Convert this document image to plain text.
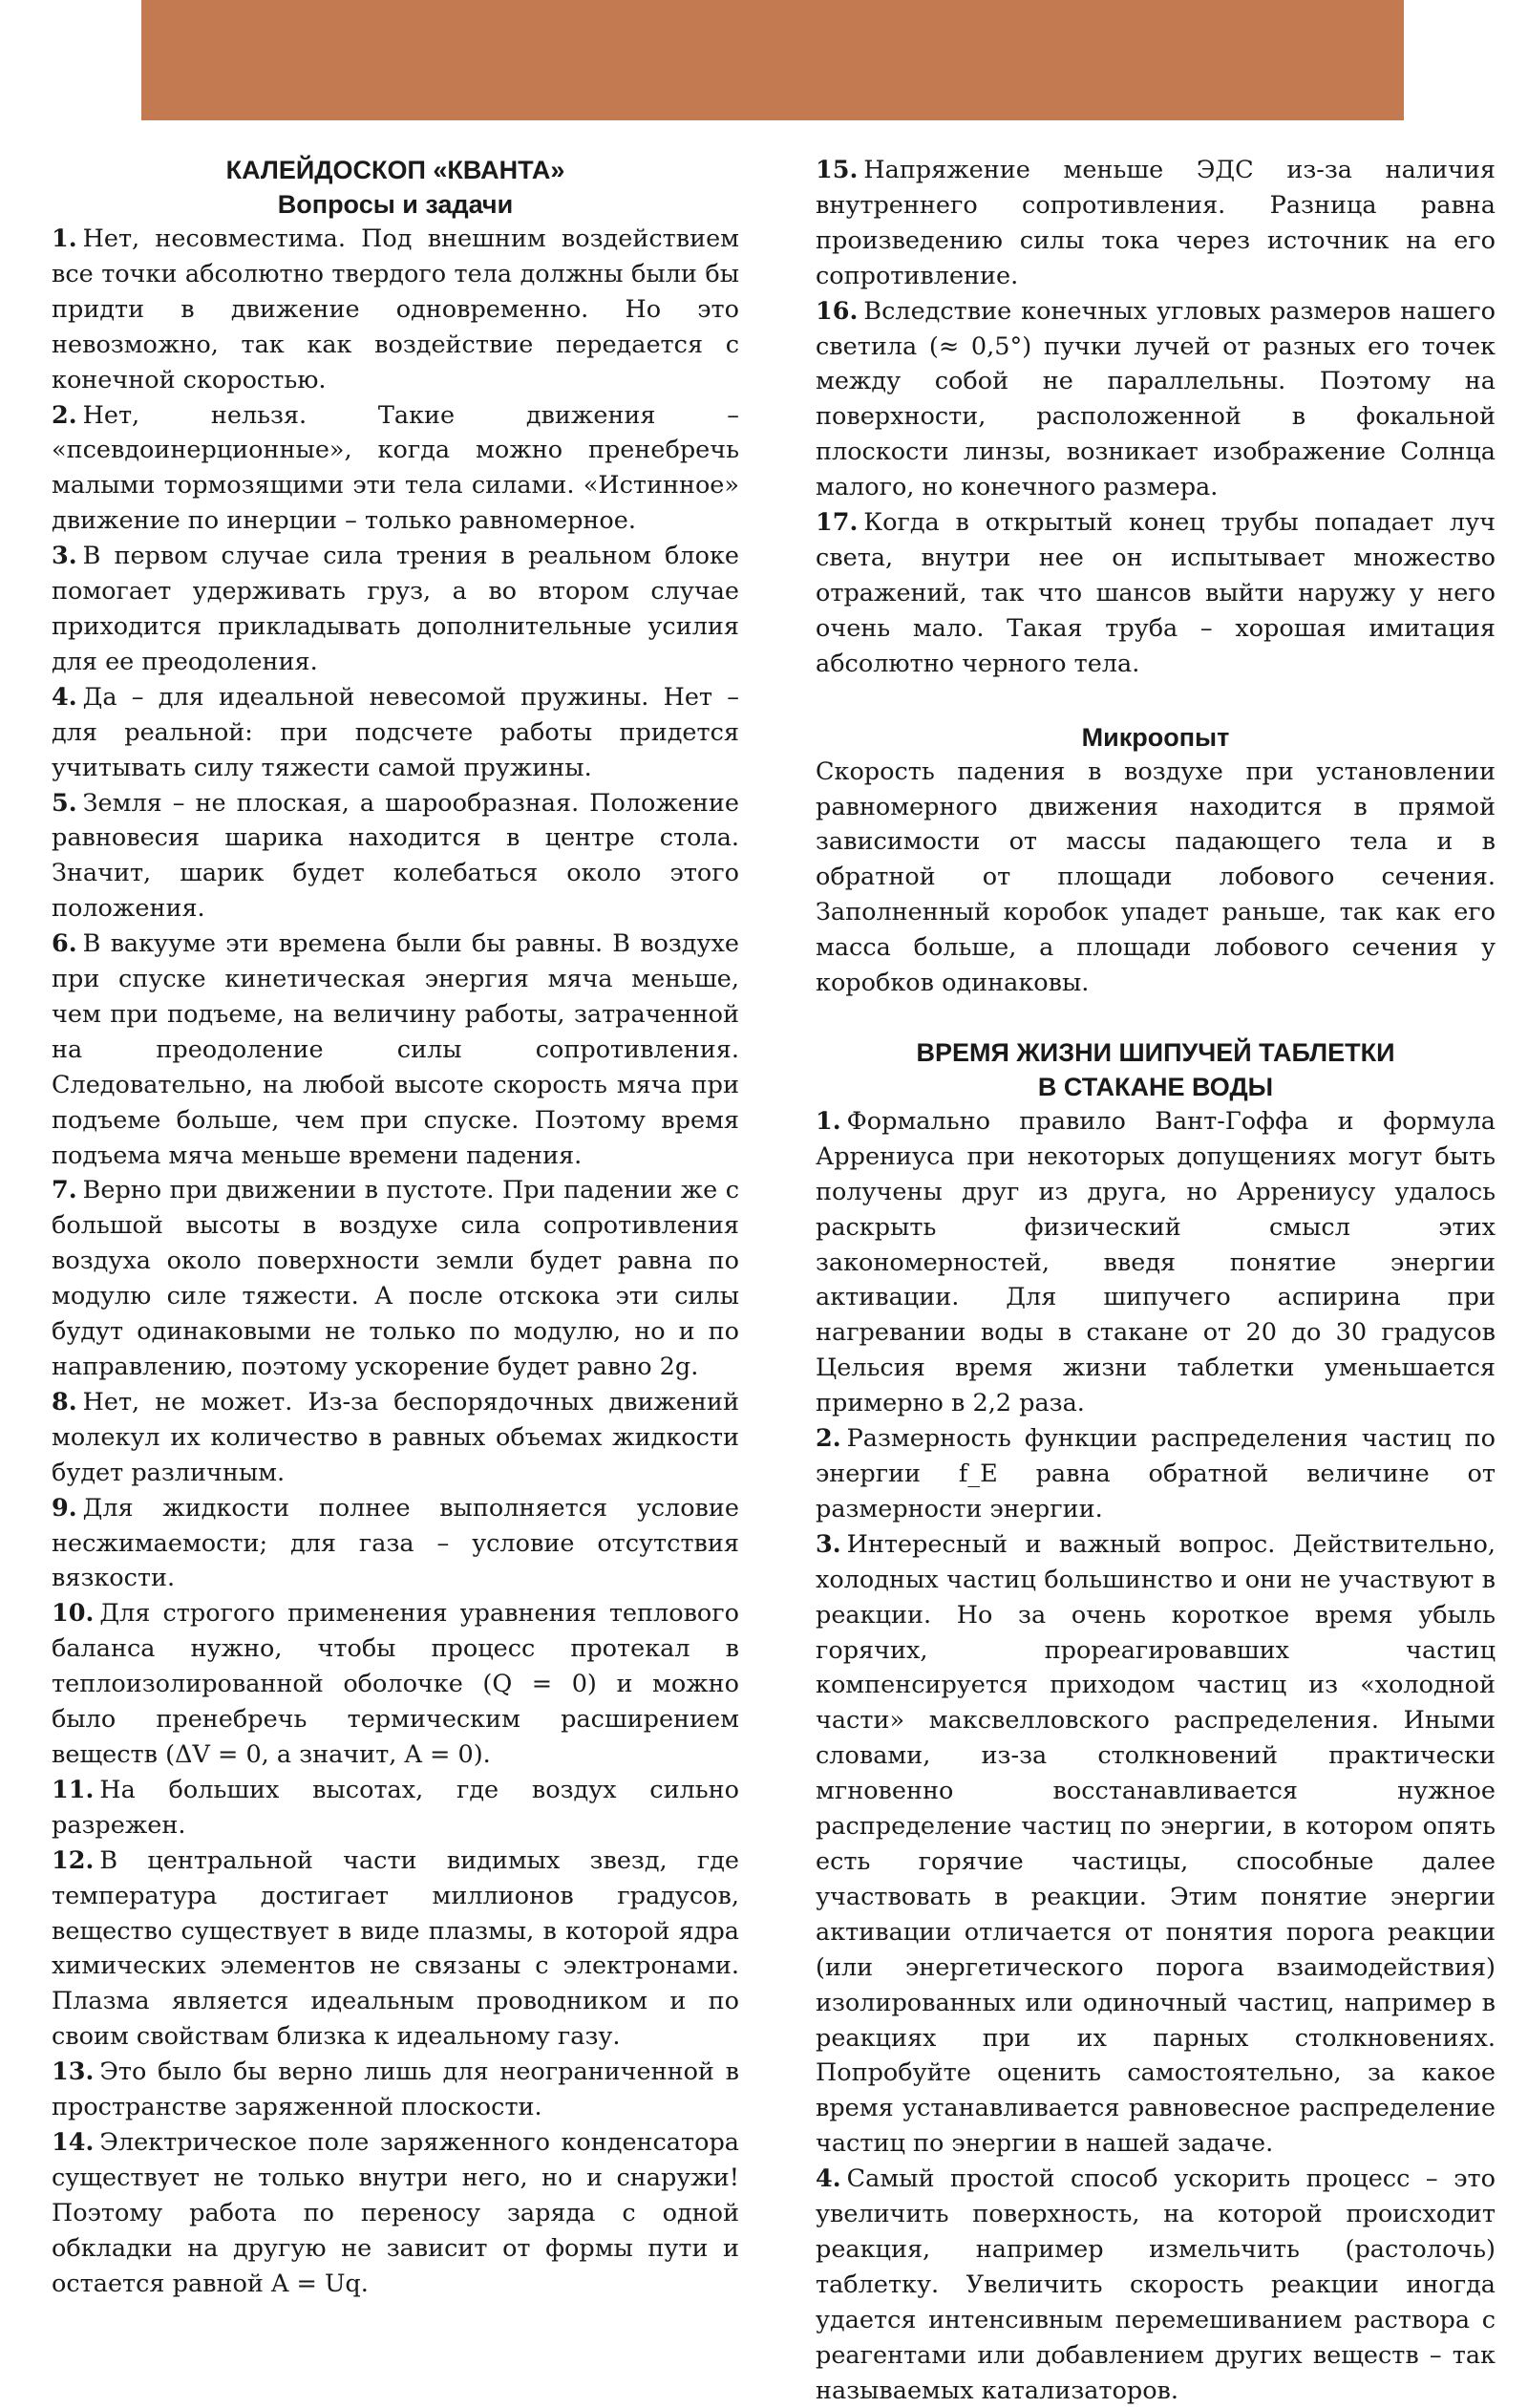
КАЛЕЙДОСКОП «КВАНТА»
Вопросы и задачи

1. Нет, несовместима. Под внешним воздействием все точки абсолютно твердого тела должны были бы придти в движение одновременно. Но это невозможно, так как воздействие передается с конечной скоростью.

2. Нет, нельзя. Такие движения – «псевдоинерционные», когда можно пренебречь малыми тормозящими эти тела силами. «Истинное» движение по инерции – только равномерное.

3. В первом случае сила трения в реальном блоке помогает удерживать груз, а во втором случае приходится прикладывать дополнительные усилия для ее преодоления.

4. Да – для идеальной невесомой пружины. Нет – для реальной: при подсчете работы придется учитывать силу тяжести самой пружины.

5. Земля – не плоская, а шарообразная. Положение равновесия шарика находится в центре стола. Значит, шарик будет колебаться около этого положения.

6. В вакууме эти времена были бы равны. В воздухе при спуске кинетическая энергия мяча меньше, чем при подъеме, на величину работы, затраченной на преодоление силы сопротивления. Следовательно, на любой высоте скорость мяча при подъеме больше, чем при спуске. Поэтому время подъема мяча меньше времени падения.

7. Верно при движении в пустоте. При падении же с большой высоты в воздухе сила сопротивления воздуха около поверхности земли будет равна по модулю силе тяжести. А после отскока эти силы будут одинаковыми не только по модулю, но и по направлению, поэтому ускорение будет равно 2g.

8. Нет, не может. Из-за беспорядочных движений молекул их количество в равных объемах жидкости будет различным.

9. Для жидкости полнее выполняется условие несжимаемости; для газа – условие отсутствия вязкости.

10. Для строгого применения уравнения теплового баланса нужно, чтобы процесс протекал в теплоизолированной оболочке (Q = 0) и можно было пренебречь термическим расширением веществ (ΔV = 0, а значит, A = 0).

11. На больших высотах, где воздух сильно разрежен.

12. В центральной части видимых звезд, где температура достигает миллионов градусов, вещество существует в виде плазмы, в которой ядра химических элементов не связаны с электронами. Плазма является идеальным проводником и по своим свойствам близка к идеальному газу.

13. Это было бы верно лишь для неограниченной в пространстве заряженной плоскости.

14. Электрическое поле заряженного конденсатора существует не только внутри него, но и снаружи! Поэтому работа по переносу заряда с одной обкладки на другую не зависит от формы пути и остается равной A = Uq.

15. Напряжение меньше ЭДС из-за наличия внутреннего сопротивления. Разница равна произведению силы тока через источник на его сопротивление.

16. Вследствие конечных угловых размеров нашего светила (≈ 0,5°) пучки лучей от разных его точек между собой не параллельны. Поэтому на поверхности, расположенной в фокальной плоскости линзы, возникает изображение Солнца малого, но конечного размера.

17. Когда в открытый конец трубы попадает луч света, внутри нее он испытывает множество отражений, так что шансов выйти наружу у него очень мало. Такая труба – хорошая имитация абсолютно черного тела.

Микроопыт

Скорость падения в воздухе при установлении равномерного движения находится в прямой зависимости от массы падающего тела и в обратной от площади лобового сечения. Заполненный коробок упадет раньше, так как его масса больше, а площади лобового сечения у коробков одинаковы.

ВРЕМЯ ЖИЗНИ ШИПУЧЕЙ ТАБЛЕТКИ
В СТАКАНЕ ВОДЫ

1. Формально правило Вант-Гоффа и формула Аррениуса при некоторых допущениях могут быть получены друг из друга, но Аррениусу удалось раскрыть физический смысл этих закономерностей, введя понятие энергии активации. Для шипучего аспирина при нагревании воды в стакане от 20 до 30 градусов Цельсия время жизни таблетки уменьшается примерно в 2,2 раза.

2. Размерность функции распределения частиц по энергии f_E равна обратной величине от размерности энергии.

3. Интересный и важный вопрос. Действительно, холодных частиц большинство и они не участвуют в реакции. Но за очень короткое время убыль горячих, прореагировавших частиц компенсируется приходом частиц из «холодной части» максвелловского распределения. Иными словами, из-за столкновений практически мгновенно восстанавливается нужное распределение частиц по энергии, в котором опять есть горячие частицы, способные далее участвовать в реакции. Этим понятие энергии активации отличается от понятия порога реакции (или энергетического порога взаимодействия) изолированных или одиночный частиц, например в реакциях при их парных столкновениях. Попробуйте оценить самостоятельно, за какое время устанавливается равновесное распределение частиц по энергии в нашей задаче.

4. Самый простой способ ускорить процесс – это увеличить поверхность, на которой происходит реакция, например измельчить (растолочь) таблетку. Увеличить скорость реакции иногда удается интенсивным перемешиванием раствора с реагентами или добавлением других веществ – так называемых катализаторов.
